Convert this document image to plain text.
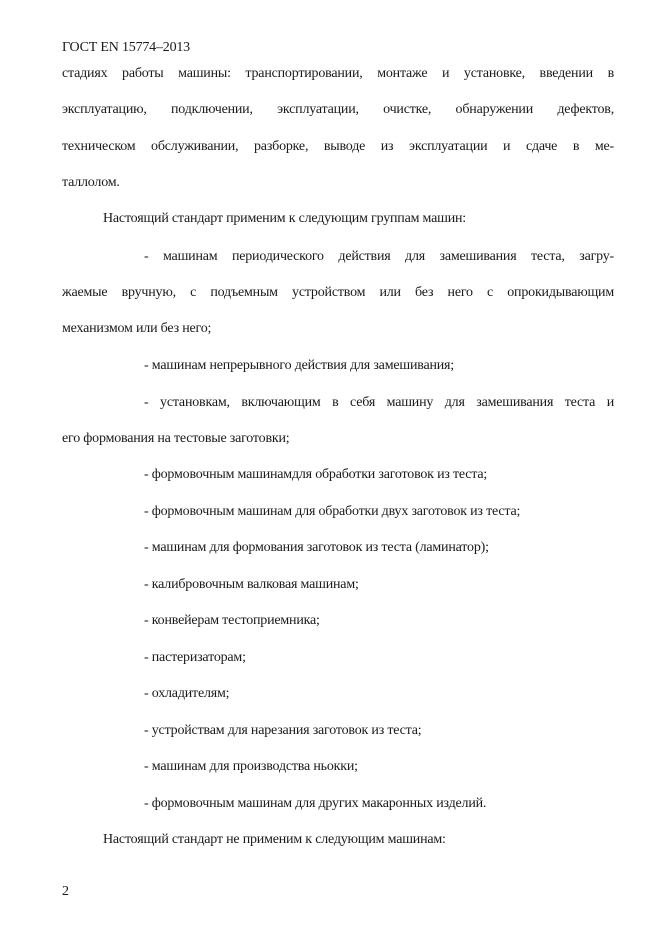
ГОСТ EN 15774–2013
стадиях работы машины: транспортировании, монтаже и установке, введении в
эксплуатацию, подключении, эксплуатации, очистке, обнаружении дефектов,
техническом обслуживании, разборке, выводе из эксплуатации и сдаче в ме-
таллолом.
Настоящий стандарт применим к следующим группам машин:
- машинам периодического действия для замешивания теста, загру-
жаемые вручную, с подъемным устройством или без него с опрокидывающим
механизмом или без него;
- машинам непрерывного действия для замешивания;
- установкам, включающим в себя машину для замешивания теста и
его формования на тестовые заготовки;
- формовочным машинамдля обработки заготовок из теста;
- формовочным машинам для обработки двух заготовок из теста;
- машинам для формования заготовок из теста (ламинатор);
- калибровочным валковая машинам;
- конвейерам тестоприемника;
- пастеризаторам;
- охладителям;
- устройствам для нарезания заготовок из теста;
- машинам для производства ньокки;
- формовочным машинам для других макаронных изделий.
Настоящий стандарт не применим к следующим машинам:
2
